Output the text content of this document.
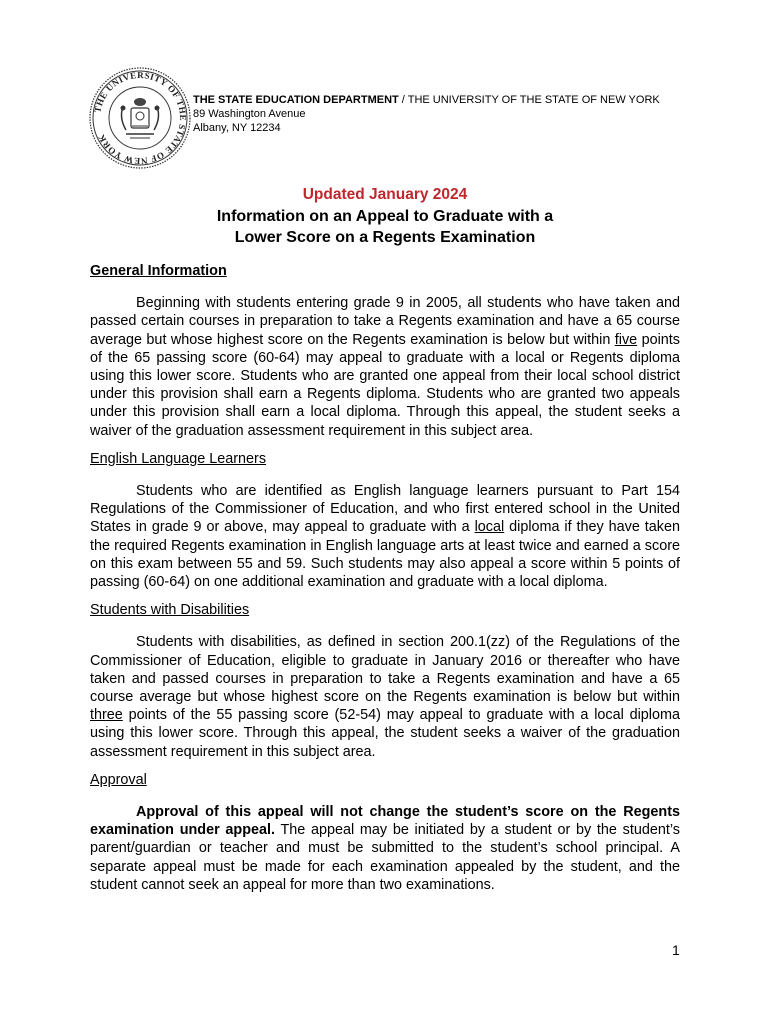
THE UNIVERSITY OF THE STATE OF NEW YORK
THE STATE EDUCATION DEPARTMENT / THE UNIVERSITY OF THE STATE OF NEW YORK
89 Washington Avenue
Albany, NY 12234
Updated January 2024
Information on an Appeal to Graduate with a
Lower Score on a Regents Examination
General Information

Beginning with students entering grade 9 in 2005, all students who have taken and passed certain courses in preparation to take a Regents examination and have a 65 course average but whose highest score on the Regents examination is below but within five points of the 65 passing score (60-64) may appeal to graduate with a local or Regents diploma using this lower score. Students who are granted one appeal from their local school district under this provision shall earn a Regents diploma. Students who are granted two appeals under this provision shall earn a local diploma. Through this appeal, the student seeks a waiver of the graduation assessment requirement in this subject area.

English Language Learners

Students who are identified as English language learners pursuant to Part 154 Regulations of the Commissioner of Education, and who first entered school in the United States in grade 9 or above, may appeal to graduate with a local diploma if they have taken the required Regents examination in English language arts at least twice and earned a score on this exam between 55 and 59. Such students may also appeal a score within 5 points of passing (60-64) on one additional examination and graduate with a local diploma.

Students with Disabilities

Students with disabilities, as defined in section 200.1(zz) of the Regulations of the Commissioner of Education, eligible to graduate in January 2016 or thereafter who have taken and passed courses in preparation to take a Regents examination and have a 65 course average but whose highest score on the Regents examination is below but within three points of the 55 passing score (52-54) may appeal to graduate with a local diploma using this lower score. Through this appeal, the student seeks a waiver of the graduation assessment requirement in this subject area.

Approval

Approval of this appeal will not change the student’s score on the Regents examination under appeal. The appeal may be initiated by a student or by the student’s parent/guardian or teacher and must be submitted to the student’s school principal. A separate appeal must be made for each examination appealed by the student, and the student cannot seek an appeal for more than two examinations.

1
